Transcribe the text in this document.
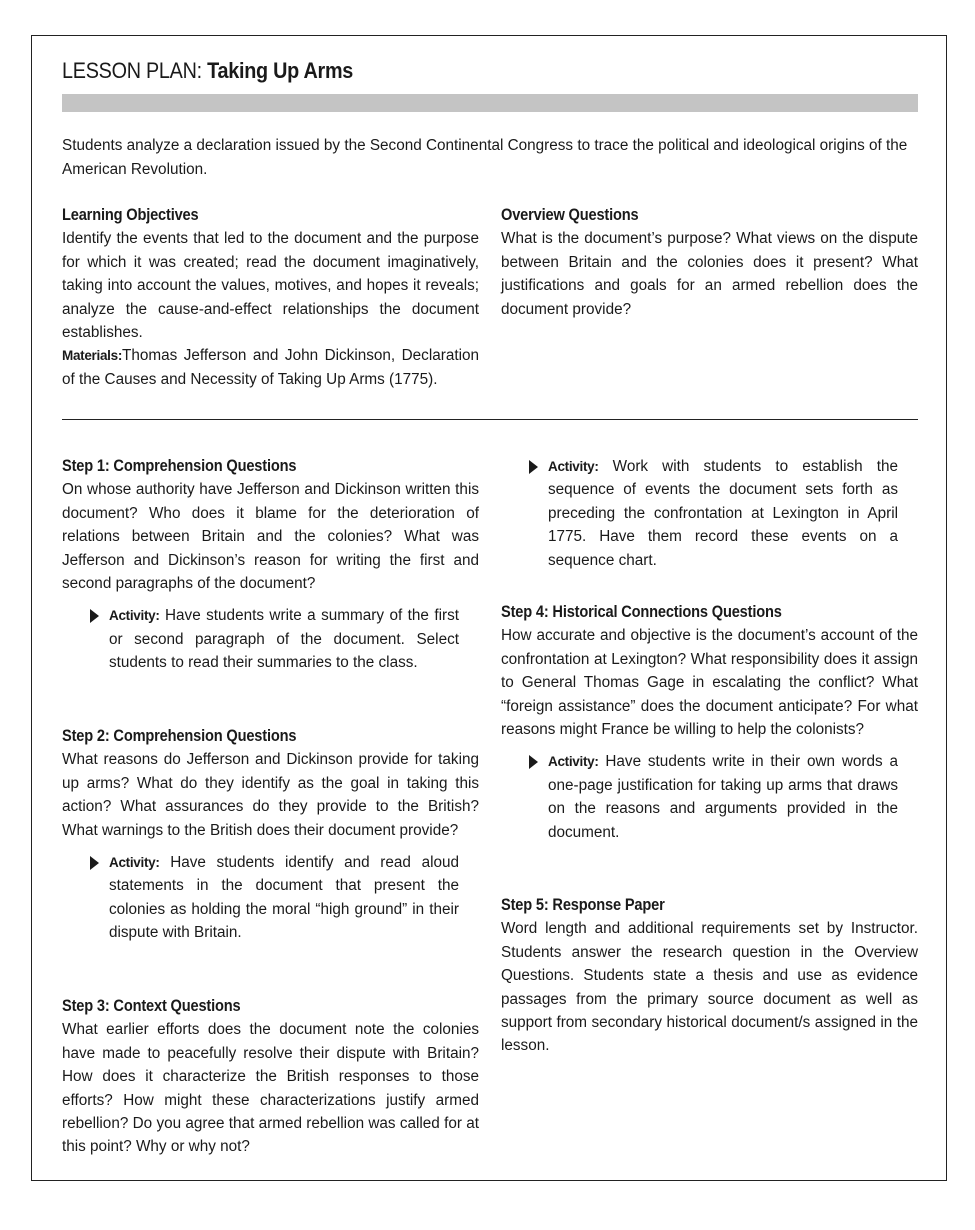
LESSON PLAN: Taking Up Arms
Students analyze a declaration issued by the Second Continental Congress to trace the political and ideological origins of the American Revolution.
Learning Objectives

Identify the events that led to the document and the purpose for which it was created; read the document imaginatively, taking into account the values, motives, and hopes it reveals; analyze the cause-and-effect relationships the document establishes.

Materials:Thomas Jefferson and John Dickinson, Declaration of the Causes and Necessity of Taking Up Arms (1775).

Overview Questions

What is the document’s purpose? What views on the dispute between Britain and the colonies does it present? What justifications and goals for an armed rebellion does the document provide?

Step 1: Comprehension Questions

On whose authority have Jefferson and Dickinson written this document? Who does it blame for the deterioration of relations between Britain and the colonies? What was Jefferson and Dickinson’s reason for writing the first and second paragraphs of the document?

Activity: Have students write a summary of the first or second paragraph of the document. Select students to read their summaries to the class.

Step 2: Comprehension Questions

What reasons do Jefferson and Dickinson provide for taking up arms? What do they identify as the goal in taking this action? What assurances do they provide to the British? What warnings to the British does their document provide?

Activity: Have students identify and read aloud statements in the document that present the colonies as holding the moral “high ground” in their dispute with Britain.

Step 3: Context Questions

What earlier efforts does the document note the colonies have made to peacefully resolve their dispute with Britain? How does it characterize the British responses to those efforts? How might these characterizations justify armed rebellion? Do you agree that armed rebellion was called for at this point? Why or why not?

Activity: Work with students to establish the sequence of events the document sets forth as preceding the confrontation at Lexington in April 1775. Have them record these events on a sequence chart.

Step 4: Historical Connections Questions

How accurate and objective is the document’s account of the confrontation at Lexington? What responsibility does it assign to General Thomas Gage in escalating the conflict? What “foreign assistance” does the document anticipate? For what reasons might France be willing to help the colonists?

Activity: Have students write in their own words a one-page justification for taking up arms that draws on the reasons and arguments provided in the document.

Step 5: Response Paper

Word length and additional requirements set by Instructor. Students answer the research question in the Overview Questions. Students state a thesis and use as evidence passages from the primary source document as well as support from secondary historical document/s assigned in the lesson.
